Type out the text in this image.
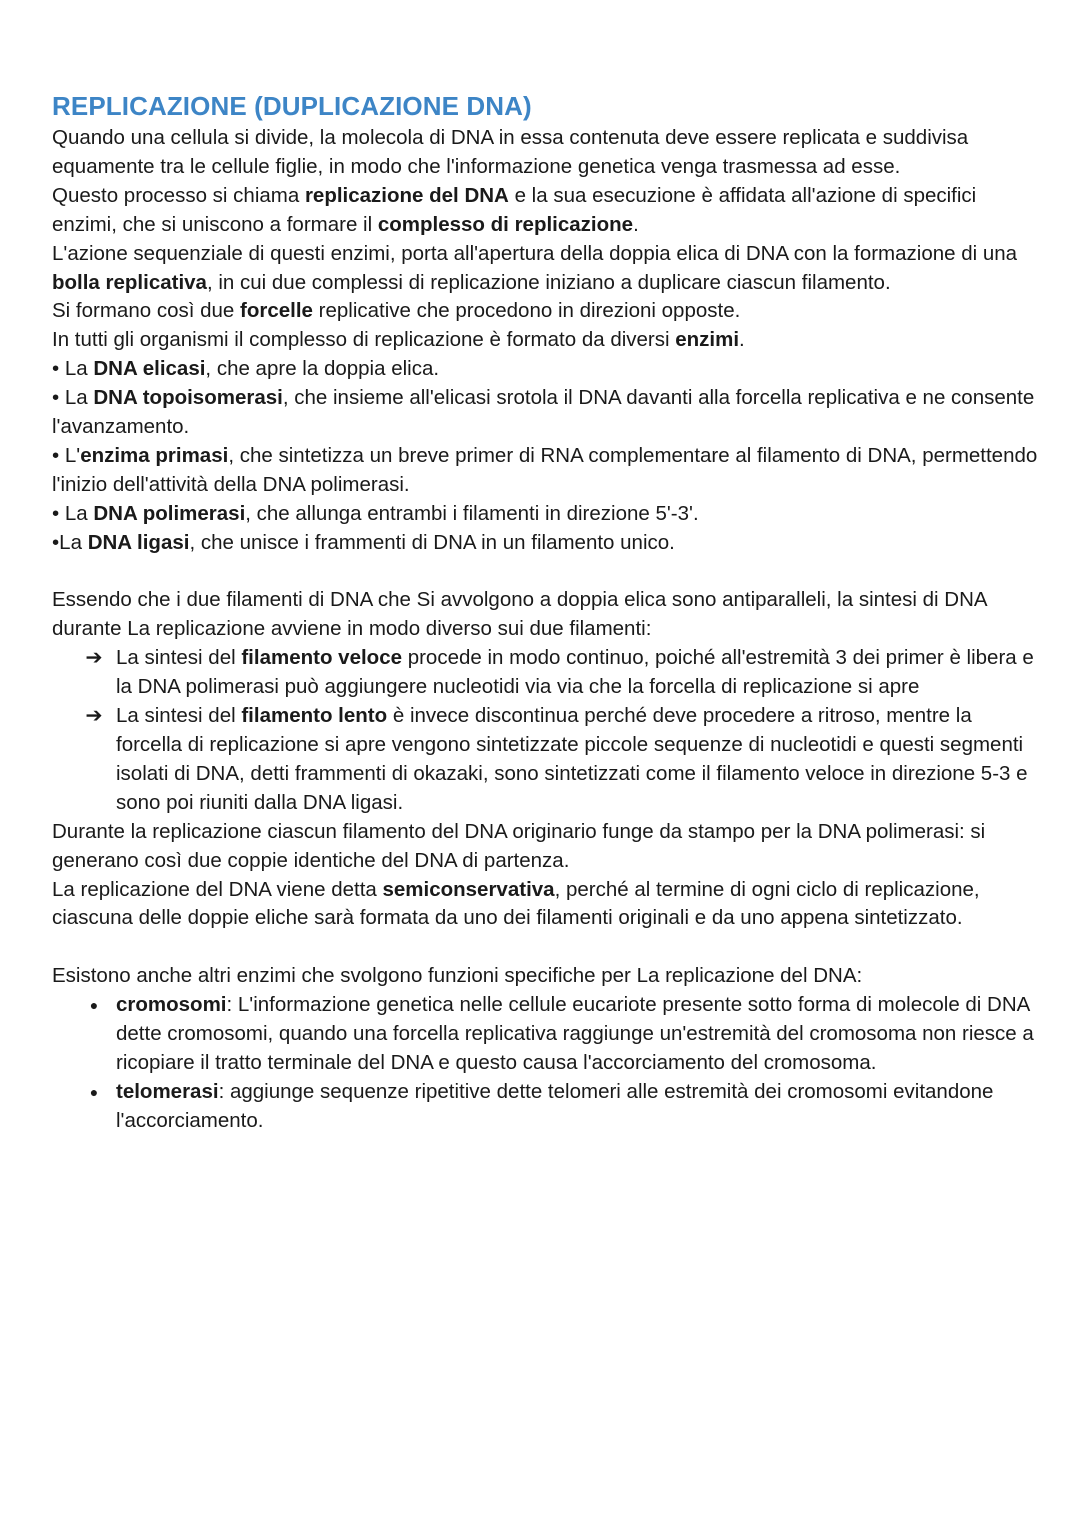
REPLICAZIONE (DUPLICAZIONE DNA)

Quando una cellula si divide, la molecola di DNA in essa contenuta deve essere replicata e suddivisa equamente tra le cellule figlie, in modo che l'informazione genetica venga trasmessa ad esse.

Questo processo si chiama replicazione del DNA e la sua esecuzione è affidata all'azione di specifici enzimi, che si uniscono a formare il complesso di replicazione.

L'azione sequenziale di questi enzimi, porta all'apertura della doppia elica di DNA con la formazione di una bolla replicativa, in cui due complessi di replicazione iniziano a duplicare ciascun filamento.

Si formano così due forcelle replicative che procedono in direzioni opposte.

In tutti gli organismi il complesso di replicazione è formato da diversi enzimi.

• La DNA elicasi, che apre la doppia elica.

• La DNA topoisomerasi, che insieme all'elicasi srotola il DNA davanti alla forcella replicativa e ne consente l'avanzamento.

• L'enzima primasi, che sintetizza un breve primer di RNA complementare al filamento di DNA, permettendo l'inizio dell'attività della DNA polimerasi.

• La DNA polimerasi, che allunga entrambi i filamenti in direzione 5'-3'.

•La DNA ligasi, che unisce i frammenti di DNA in un filamento unico.

Essendo che i due filamenti di DNA che Si avvolgono a doppia elica sono antiparalleli, la sintesi di DNA durante La replicazione avviene in modo diverso sui due filamenti:

➔ La sintesi del filamento veloce procede in modo continuo, poiché all'estremità 3 dei primer è libera e la DNA polimerasi può aggiungere nucleotidi via via che la forcella di replicazione si apre
➔ La sintesi del filamento lento è invece discontinua perché deve procedere a ritroso, mentre la forcella di replicazione si apre vengono sintetizzate piccole sequenze di nucleotidi e questi segmenti isolati di DNA, detti frammenti di okazaki, sono sintetizzati come il filamento veloce in direzione 5-3 e sono poi riuniti dalla DNA ligasi.

Durante la replicazione ciascun filamento del DNA originario funge da stampo per la DNA polimerasi: si generano così due coppie identiche del DNA di partenza.

La replicazione del DNA viene detta semiconservativa, perché al termine di ogni ciclo di replicazione, ciascuna delle doppie eliche sarà formata da uno dei filamenti originali e da uno appena sintetizzato.

Esistono anche altri enzimi che svolgono funzioni specifiche per La replicazione del DNA:

● cromosomi: L'informazione genetica nelle cellule eucariote presente sotto forma di molecole di DNA dette cromosomi, quando una forcella replicativa raggiunge un'estremità del cromosoma non riesce a ricopiare il tratto terminale del DNA e questo causa l'accorciamento del cromosoma.
● telomerasi: aggiunge sequenze ripetitive dette telomeri alle estremità dei cromosomi evitandone l'accorciamento.
